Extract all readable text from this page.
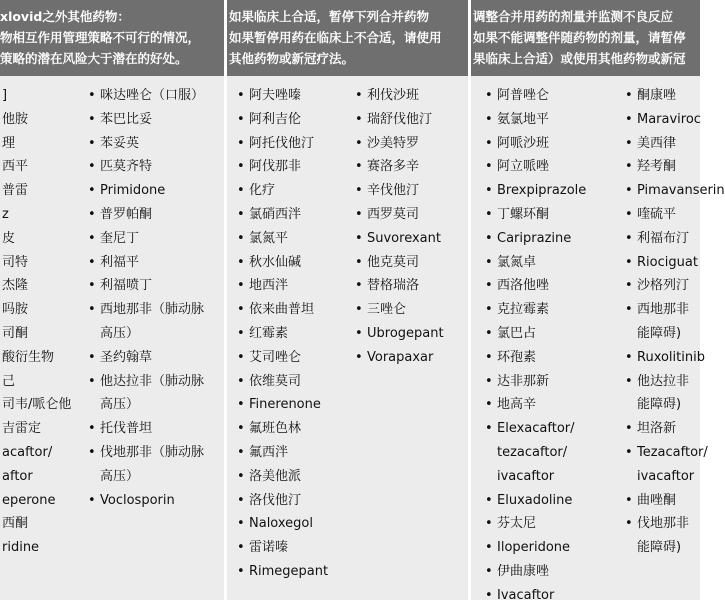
xlovid之外其他药物：
物相互作用管理策略不可行的情况，
策略的潜在风险大于潜在的好处。
]
他胺
理
西平
普雷
z
皮
司特
杰隆
吗胺
司酮
酸衍生物
己
司韦/哌仑他
吉雷定
acaftor/
aftor
eperone
西酮
ridine
• 咪达唑仑（口服）
• 苯巴比妥
• 苯妥英
• 匹莫齐特
• Primidone
• 普罗帕酮
• 奎尼丁
• 利福平
• 利福喷丁
• 西地那非（肺动脉
高压）
• 圣约翰草
• 他达拉非（肺动脉
高压）
• 托伐普坦
• 伐地那非（肺动脉
高压）
• Voclosporin
如果临床上合适，暂停下列合并药物
如果暂停用药在临床上不合适，请使用
其他药物或新冠疗法。
• 阿夫唑嗪
• 阿利吉伦
• 阿托伐他汀
• 阿伐那非
• 化疗
• 氯硝西泮
• 氯氮平
• 秋水仙碱
• 地西泮
• 依来曲普坦
• 红霉素
• 艾司唑仑
• 依维莫司
• Finerenone
• 氟班色林
• 氟西泮
• 洛美他派
• 洛伐他汀
• Naloxegol
• 雷诺嗪
• Rimegepant
• 利伐沙班
• 瑞舒伐他汀
• 沙美特罗
• 赛洛多辛
• 辛伐他汀
• 西罗莫司
• Suvorexant
• 他克莫司
• 替格瑞洛
• 三唑仑
• Ubrogepant
• Vorapaxar
调整合并用药的剂量并监测不良反应
如果不能调整伴随药物的剂量，请暂停
果临床上合适）或使用其他药物或新冠
• 阿普唑仑
• 氨氯地平
• 阿哌沙班
• 阿立哌唑
• Brexpiprazole
• 丁螺环酮
• Cariprazine
• 氯氮卓
• 西洛他唑
• 克拉霉素
• 氯巴占
• 环孢素
• 达非那新
• 地高辛
• Elexacaftor/
tezacaftor/
ivacaftor
• Eluxadoline
• 芬太尼
• Iloperidone
• 伊曲康唑
• Ivacaftor
• 酮康唑
• Maraviroc
• 美西律
• 羟考酮
• Pimavanserin
• 喹硫平
• 利福布汀
• Riociguat
• 沙格列汀
• 西地那非
能障碍)
• Ruxolitinib
• 他达拉非
能障碍)
• 坦洛新
• Tezacaftor/
ivacaftor
• 曲唑酮
• 伐地那非
能障碍)
